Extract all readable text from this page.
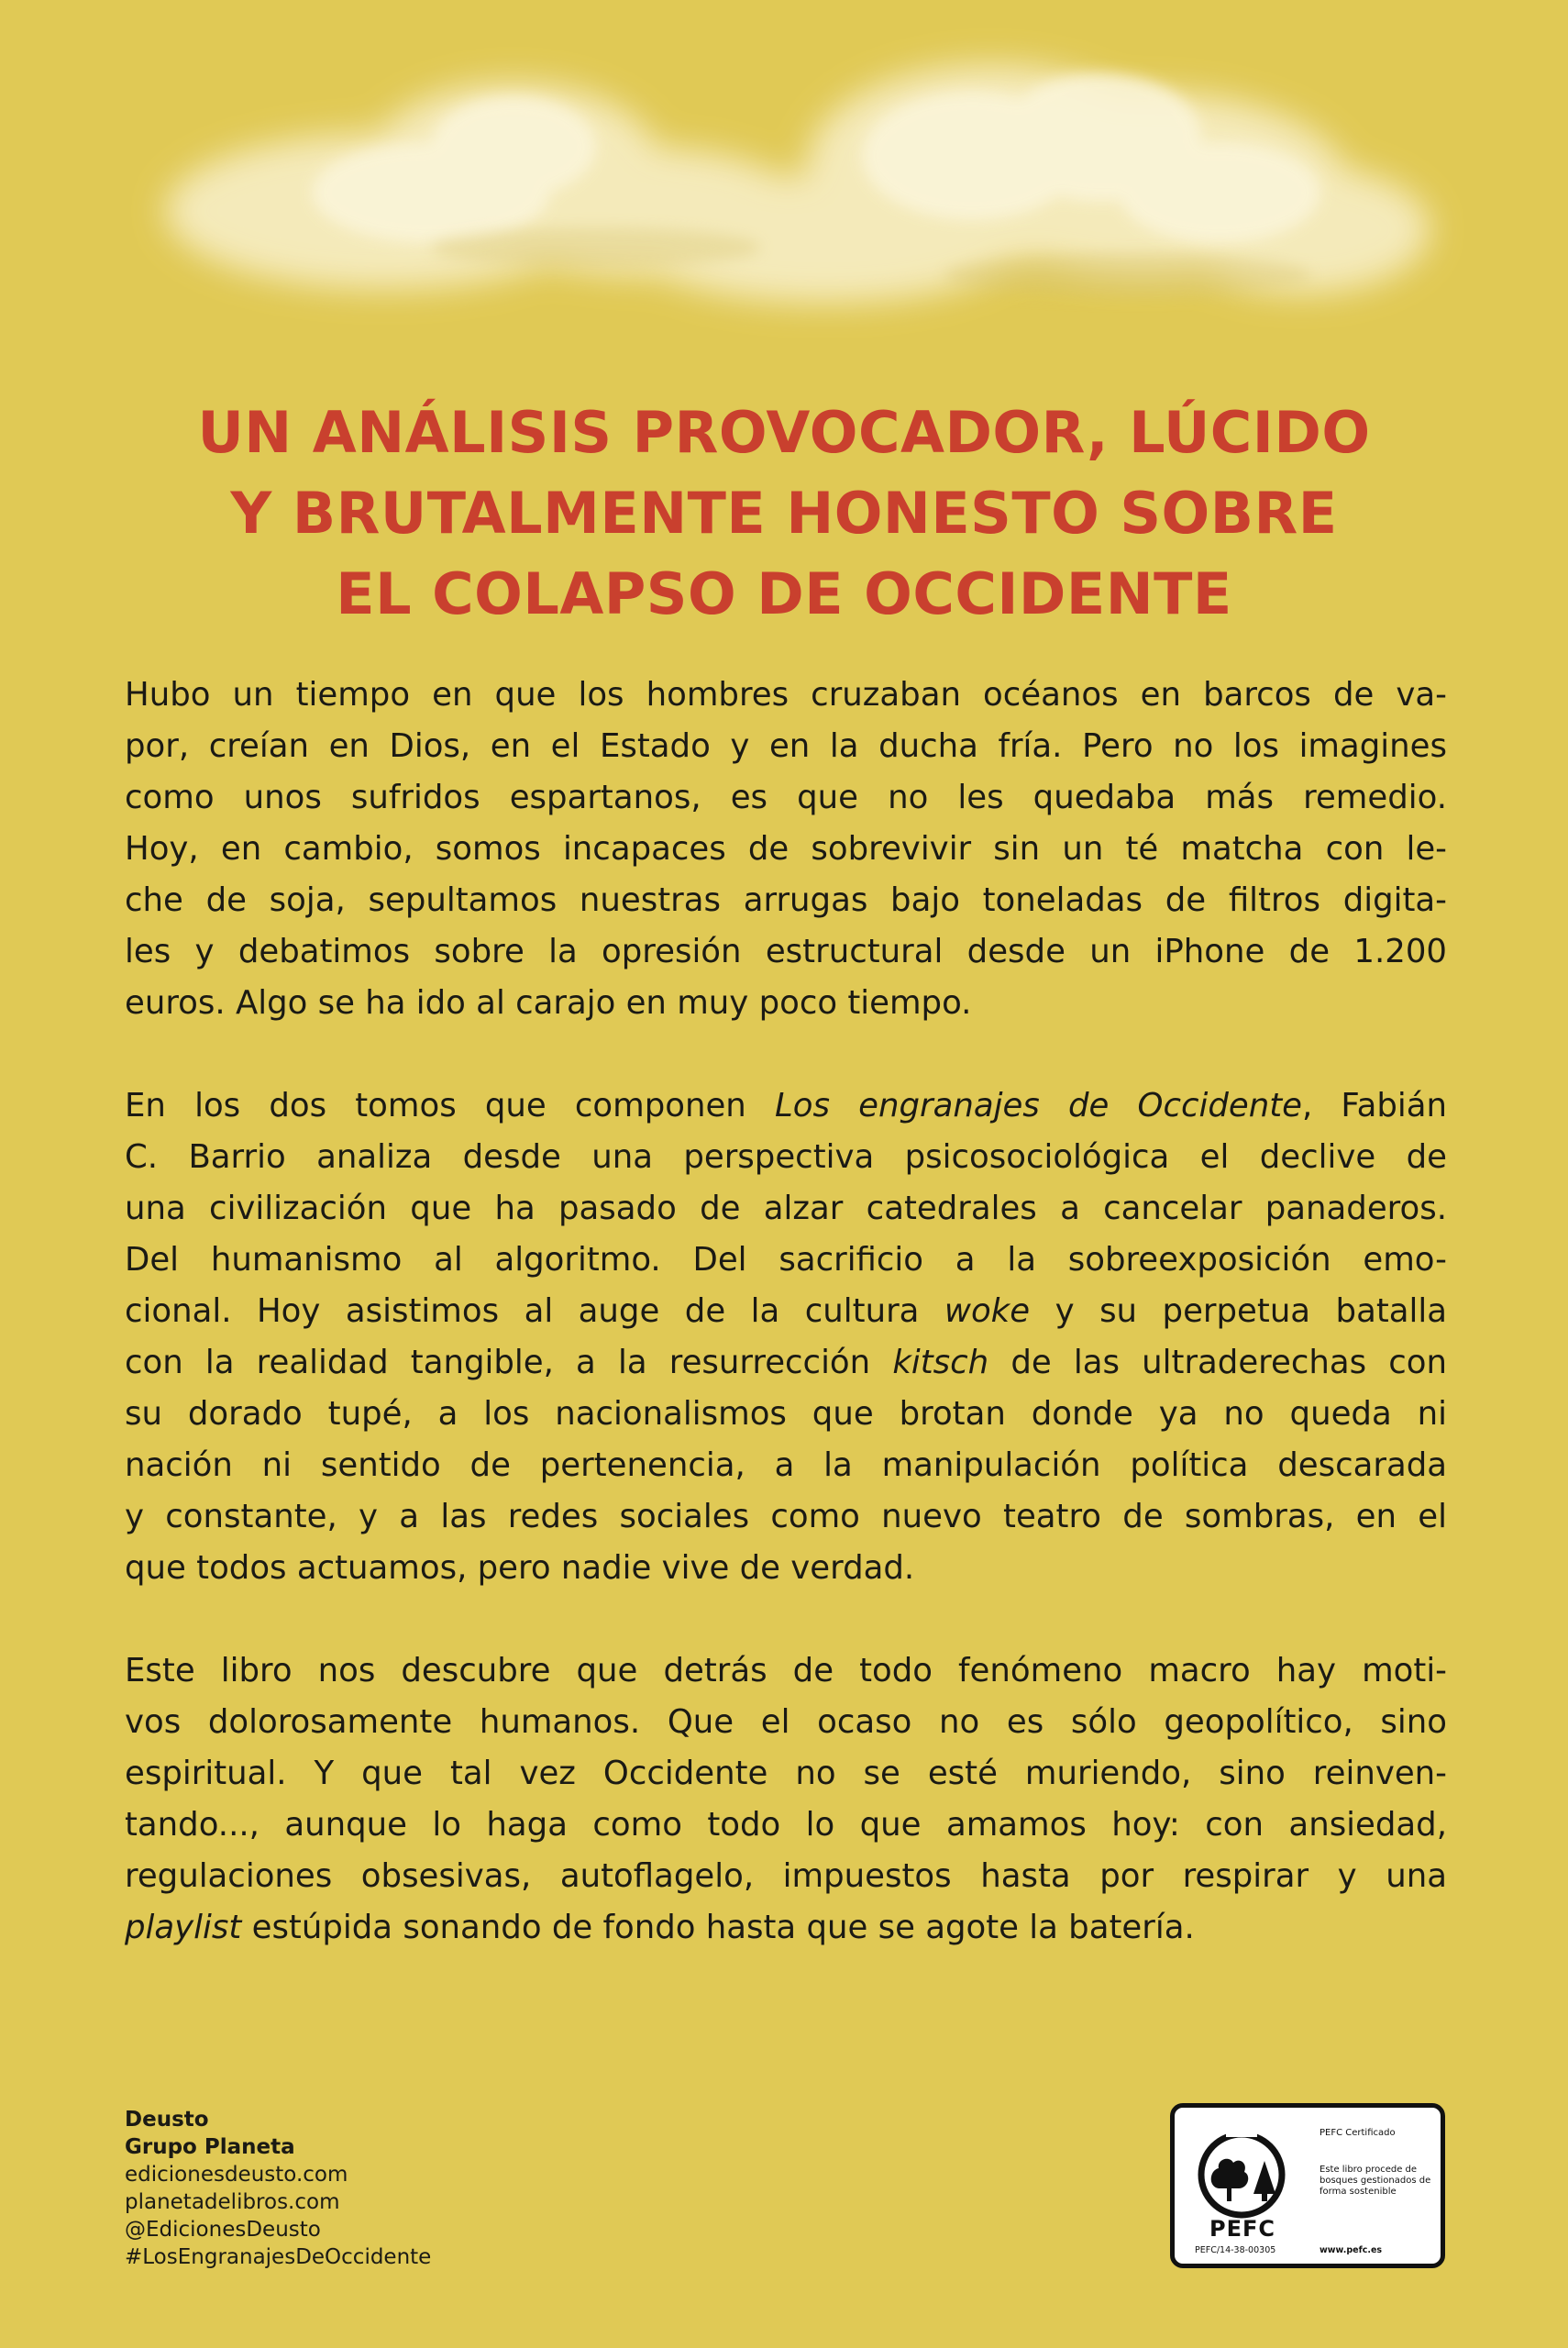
UN ANÁLISIS PROVOCADOR, LÚCIDO
Y BRUTALMENTE HONESTO SOBRE
EL COLAPSO DE OCCIDENTE
Hubo un tiempo en que los hombres cruzaban océanos en barcos de va-
por, creían en Dios, en el Estado y en la ducha fría. Pero no los imagines
como unos sufridos espartanos, es que no les quedaba más remedio.
Hoy, en cambio, somos incapaces de sobrevivir sin un té matcha con le-
che de soja, sepultamos nuestras arrugas bajo toneladas de filtros digita-
les y debatimos sobre la opresión estructural desde un iPhone de 1.200
euros. Algo se ha ido al carajo en muy poco tiempo.
En los dos tomos que componen Los engranajes de Occidente, Fabián
C. Barrio analiza desde una perspectiva psicosociológica el declive de
una civilización que ha pasado de alzar catedrales a cancelar panaderos.
Del humanismo al algoritmo. Del sacrificio a la sobreexposición emo-
cional. Hoy asistimos al auge de la cultura woke y su perpetua batalla
con la realidad tangible, a la resurrección kitsch de las ultraderechas con
su dorado tupé, a los nacionalismos que brotan donde ya no queda ni
nación ni sentido de pertenencia, a la manipulación política descarada
y constante, y a las redes sociales como nuevo teatro de sombras, en el
que todos actuamos, pero nadie vive de verdad.
Este libro nos descubre que detrás de todo fenómeno macro hay moti-
vos dolorosamente humanos. Que el ocaso no es sólo geopolítico, sino
espiritual. Y que tal vez Occidente no se esté muriendo, sino reinven-
tando..., aunque lo haga como todo lo que amamos hoy: con ansiedad,
regulaciones obsesivas, autoflagelo, impuestos hasta por respirar y una
playlist estúpida sonando de fondo hasta que se agote la batería.
Deusto
Grupo Planeta
edicionesdeusto.com
planetadelibros.com
@EdicionesDeusto
#LosEngranajesDeOccidente
PEFC
PEFC/14-38-00305
PEFC Certificado
Este libro procede de bosques gestionados de forma sostenible
www.pefc.es
